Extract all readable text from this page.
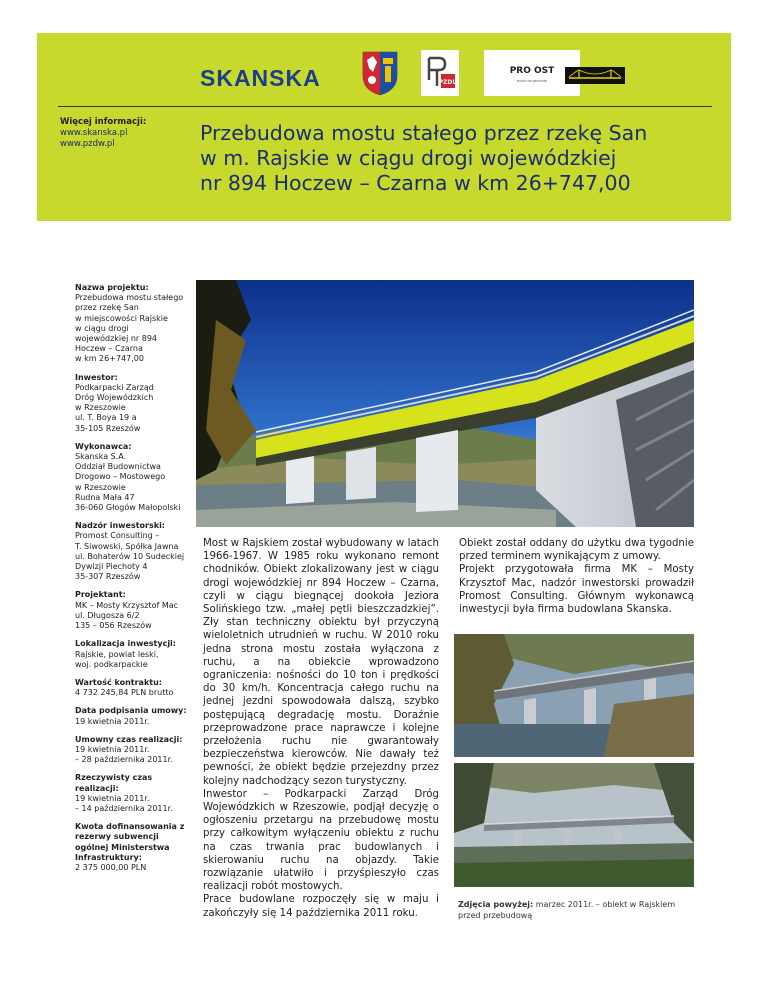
SKANSKA	PZDU
PRO OST
BIURO PROJEKTOWE
Więcej informacji:
www.skanska.pl
www.pzdw.pl	Przebudowa mostu stałego przez rzekę San
w m. Rajskie w ciągu drogi wojewódzkiej
nr 894 Hoczew – Czarna w km 26+747,00
Nazwa projektu:
Przebudowa mostu stałego
przez rzekę San
w miejscowości Rajskie
w ciągu drogi
wojewódzkiej nr 894
Hoczew – Czarna
w km 26+747,00
Inwestor:
Podkarpacki Zarząd
Dróg Wojewódzkich
w Rzeszowie
ul. T. Boya 19 a
35-105 Rzeszów
Wykonawca:
Skanska S.A.
Oddział Budownictwa
Drogowo – Mostowego
w Rzeszowie
Rudna Mała 47
36-060 Głogów Małopolski
Nadzór inwestorski:
Promost Consulting –
T. Siwowski, Spółka Jawna
ul. Bohaterów 10 Sudeckiej
Dywizji Piechoty 4
35-307 Rzeszów
Projektant:
MK – Mosty Krzysztof Mac
ul. Długosza 6/2
135 – 056 Rzeszów
Lokalizacja inwestycji:
Rajskie, powiat leski,
woj. podkarpackie
Wartość kontraktu:
4 732 245,84 PLN brutto
Data podpisania umowy:
19 kwietnia 2011r.
Umowny czas realizacji:
19 kwietnia 2011r.
– 28 października 2011r.
Rzeczywisty czas realizacji:
19 kwietnia 2011r.
– 14 października 2011r.
Kwota dofinansowania z rezerwy subwencji ogólnej Ministerstwa Infrastruktury:
2 375 000,00 PLN

Most w Rajskiem został wybudowany w latach 1966-1967. W 1985 roku wykonano remont chodników. Obiekt zlokalizowany jest w ciągu drogi wojewódzkiej nr 894 Hoczew – Czarna, czyli w ciągu biegnącej dookoła Jeziora Solińskiego tzw. „małej pętli bieszczadzkiej”. Zły stan techniczny obiektu był przyczyną wieloletnich utrudnień w ruchu. W 2010 roku jedna strona mostu została wyłączona z ruchu, a na obiekcie wprowadzono ograniczenia: nośności do 10 ton i prędkości do 30 km/h. Koncentracja całego ruchu na jednej jezdni spowodowała dalszą, szybko postępującą degradację mostu. Doraźnie przeprowadzone prace naprawcze i kolejne przełożenia ruchu nie gwarantowały bezpieczeństwa kierowców. Nie dawały też pewności, że obiekt będzie przejezdny przez kolejny nadchodzący sezon turystyczny.

Inwestor – Podkarpacki Zarząd Dróg Wojewódzkich w Rzeszowie, podjął decyzję o ogłoszeniu przetargu na przebudowę mostu przy całkowitym wyłączeniu obiektu z ruchu na czas trwania prac budowlanych i skierowaniu ruchu na objazdy. Takie rozwiązanie ułatwiło i przyśpieszyło czas realizacji robót mostowych.

Prace budowlane rozpoczęły się w maju i zakończyły się 14 października 2011 roku.

Obiekt został oddany do użytku dwa tygodnie przed terminem wynikającym z umowy.

Projekt przygotowała firma MK – Mosty Krzysztof Mac, nadzór inwestorski prowadził Promost Consulting. Głównym wykonawcą inwestycji była firma budowlana Skanska.

Zdjęcia powyżej: marzec 2011r. – obiekt w Rajskiem przed przebudową
